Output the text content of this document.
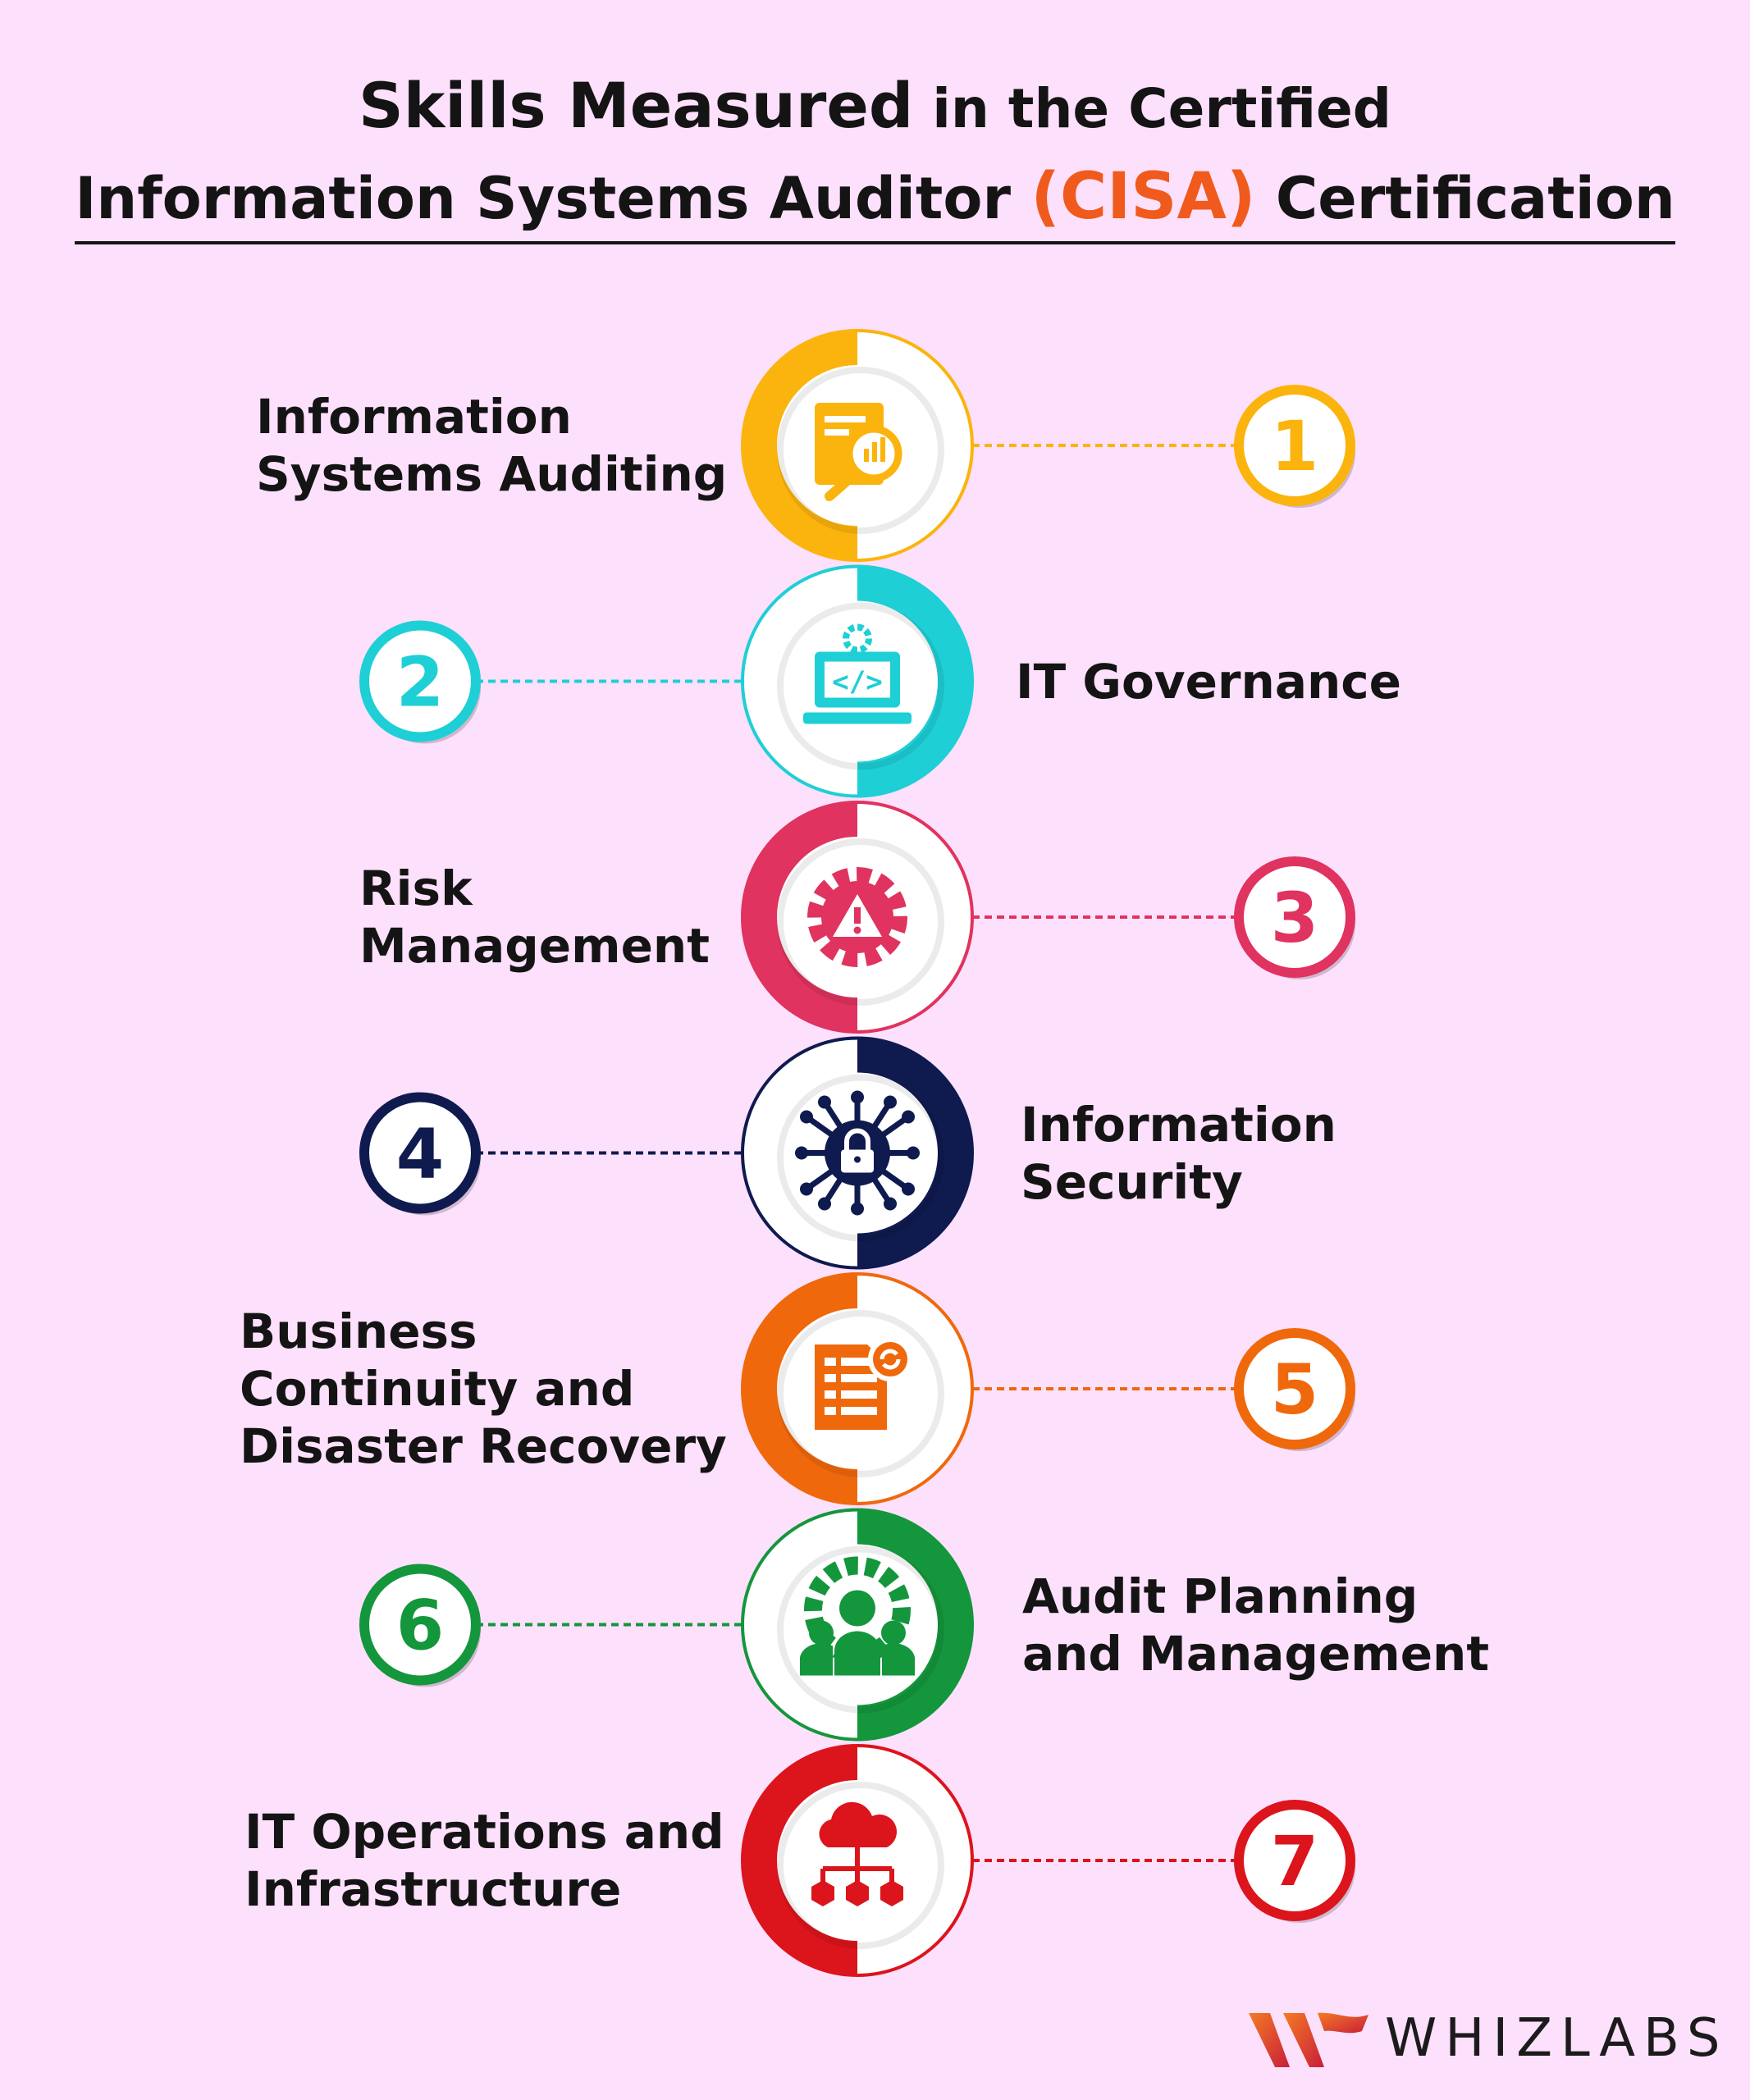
Skills Measured in the Certified
Information Systems Auditor (CISA) Certification
</>
1
2
3
4
5
6
7
Information
Systems Auditing
IT Governance
Risk
Management
Information
Security
Business
Continuity and
Disaster Recovery
Audit Planning
and Management
IT Operations and
Infrastructure
WHIZLABS
